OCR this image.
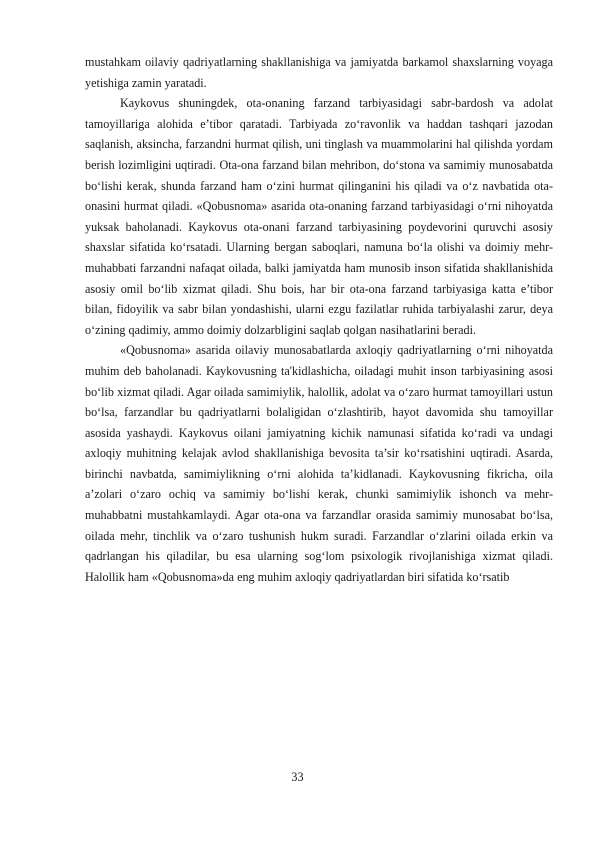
mustahkam oilaviy qadriyatlarning shakllanishiga va jamiyatda barkamol shaxslarning voyaga yetishiga zamin yaratadi.

Kaykovus shuningdek, ota-onaning farzand tarbiyasidagi sabr-bardosh va adolat tamoyillariga alohida e’tibor qaratadi. Tarbiyada zo‘ravonlik va haddan tashqari jazodan saqlanish, aksincha, farzandni hurmat qilish, uni tinglash va muammolarini hal qilishda yordam berish lozimligini uqtiradi. Ota-ona farzand bilan mehribon, do‘stona va samimiy munosabatda bo‘lishi kerak, shunda farzand ham o‘zini hurmat qilinganini his qiladi va o‘z navbatida ota-onasini hurmat qiladi. «Qobusnoma» asarida ota-onaning farzand tarbiyasidagi o‘rni nihoyatda yuksak baholanadi. Kaykovus ota-onani farzand tarbiyasining poydevorini quruvchi asosiy shaxslar sifatida ko‘rsatadi. Ularning bergan saboqlari, namuna bo‘la olishi va doimiy mehr-muhabbati farzandni nafaqat oilada, balki jamiyatda ham munosib inson sifatida shakllanishida asosiy omil bo‘lib xizmat qiladi. Shu bois, har bir ota-ona farzand tarbiyasiga katta e’tibor bilan, fidoyilik va sabr bilan yondashishi, ularni ezgu fazilatlar ruhida tarbiyalashi zarur, deya o‘zining qadimiy, ammo doimiy dolzarbligini saqlab qolgan nasihatlarini beradi.

«Qobusnoma» asarida oilaviy munosabatlarda axloqiy qadriyatlarning o‘rni nihoyatda muhim deb baholanadi. Kaykovusning ta'kidlashicha, oiladagi muhit inson tarbiyasining asosi bo‘lib xizmat qiladi. Agar oilada samimiylik, halollik, adolat va o‘zaro hurmat tamoyillari ustun bo‘lsa, farzandlar bu qadriyatlarni bolaligidan o‘zlashtirib, hayot davomida shu tamoyillar asosida yashaydi. Kaykovus oilani jamiyatning kichik namunasi sifatida ko‘radi va undagi axloqiy muhitning kelajak avlod shakllanishiga bevosita ta’sir ko‘rsatishini uqtiradi. Asarda, birinchi navbatda, samimiylikning o‘rni alohida ta’kidlanadi. Kaykovusning fikricha, oila a’zolari o‘zaro ochiq va samimiy bo‘lishi kerak, chunki samimiylik ishonch va mehr-muhabbatni mustahkamlaydi. Agar ota-ona va farzandlar orasida samimiy munosabat bo‘lsa, oilada mehr, tinchlik va o‘zaro tushunish hukm suradi. Farzandlar o‘zlarini oilada erkin va qadrlangan his qiladilar, bu esa ularning sog‘lom psixologik rivojlanishiga xizmat qiladi. Halollik ham «Qobusnoma»da eng muhim axloqiy qadriyatlardan biri sifatida ko‘rsatib

33
